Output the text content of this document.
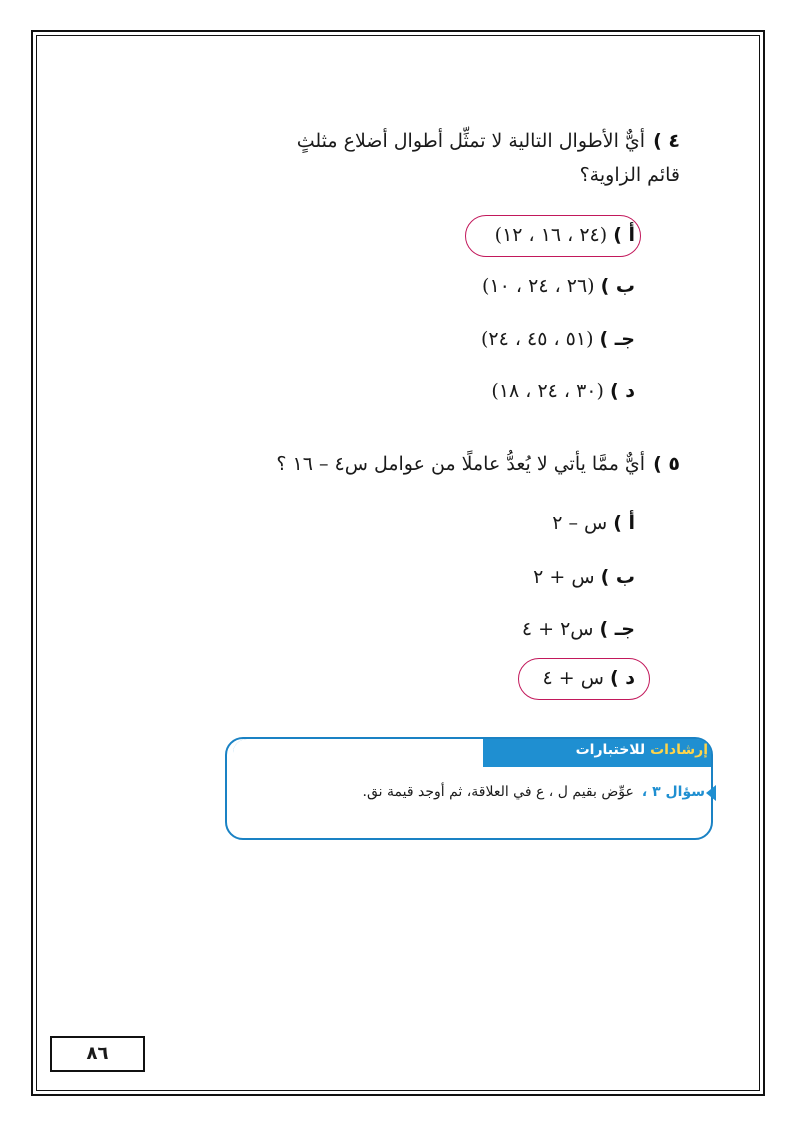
٤ )أيٌّ الأطوال التالية لا تمثِّل أطوال أضلاع مثلثٍ قائم الزاوية؟
أ )(٢٤ ، ١٦ ، ١٢)
ب )(٢٦ ، ٢٤ ، ١٠)
جـ )(٥١ ، ٤٥ ، ٢٤)
د )(٣٠ ، ٢٤ ، ١٨)
٥ )أيٌّ ممَّا يأتي لا يُعدُّ عاملًا من عوامل س٤ – ١٦ ؟
أ )س – ٢
ب )س + ٢
جـ )س٢ + ٤
د )س + ٤
إرشادات للاختبارات
سؤال ٣ ،عوِّض بقيم ل ، ع في العلاقة، ثم أوجد قيمة نق.
٨٦
